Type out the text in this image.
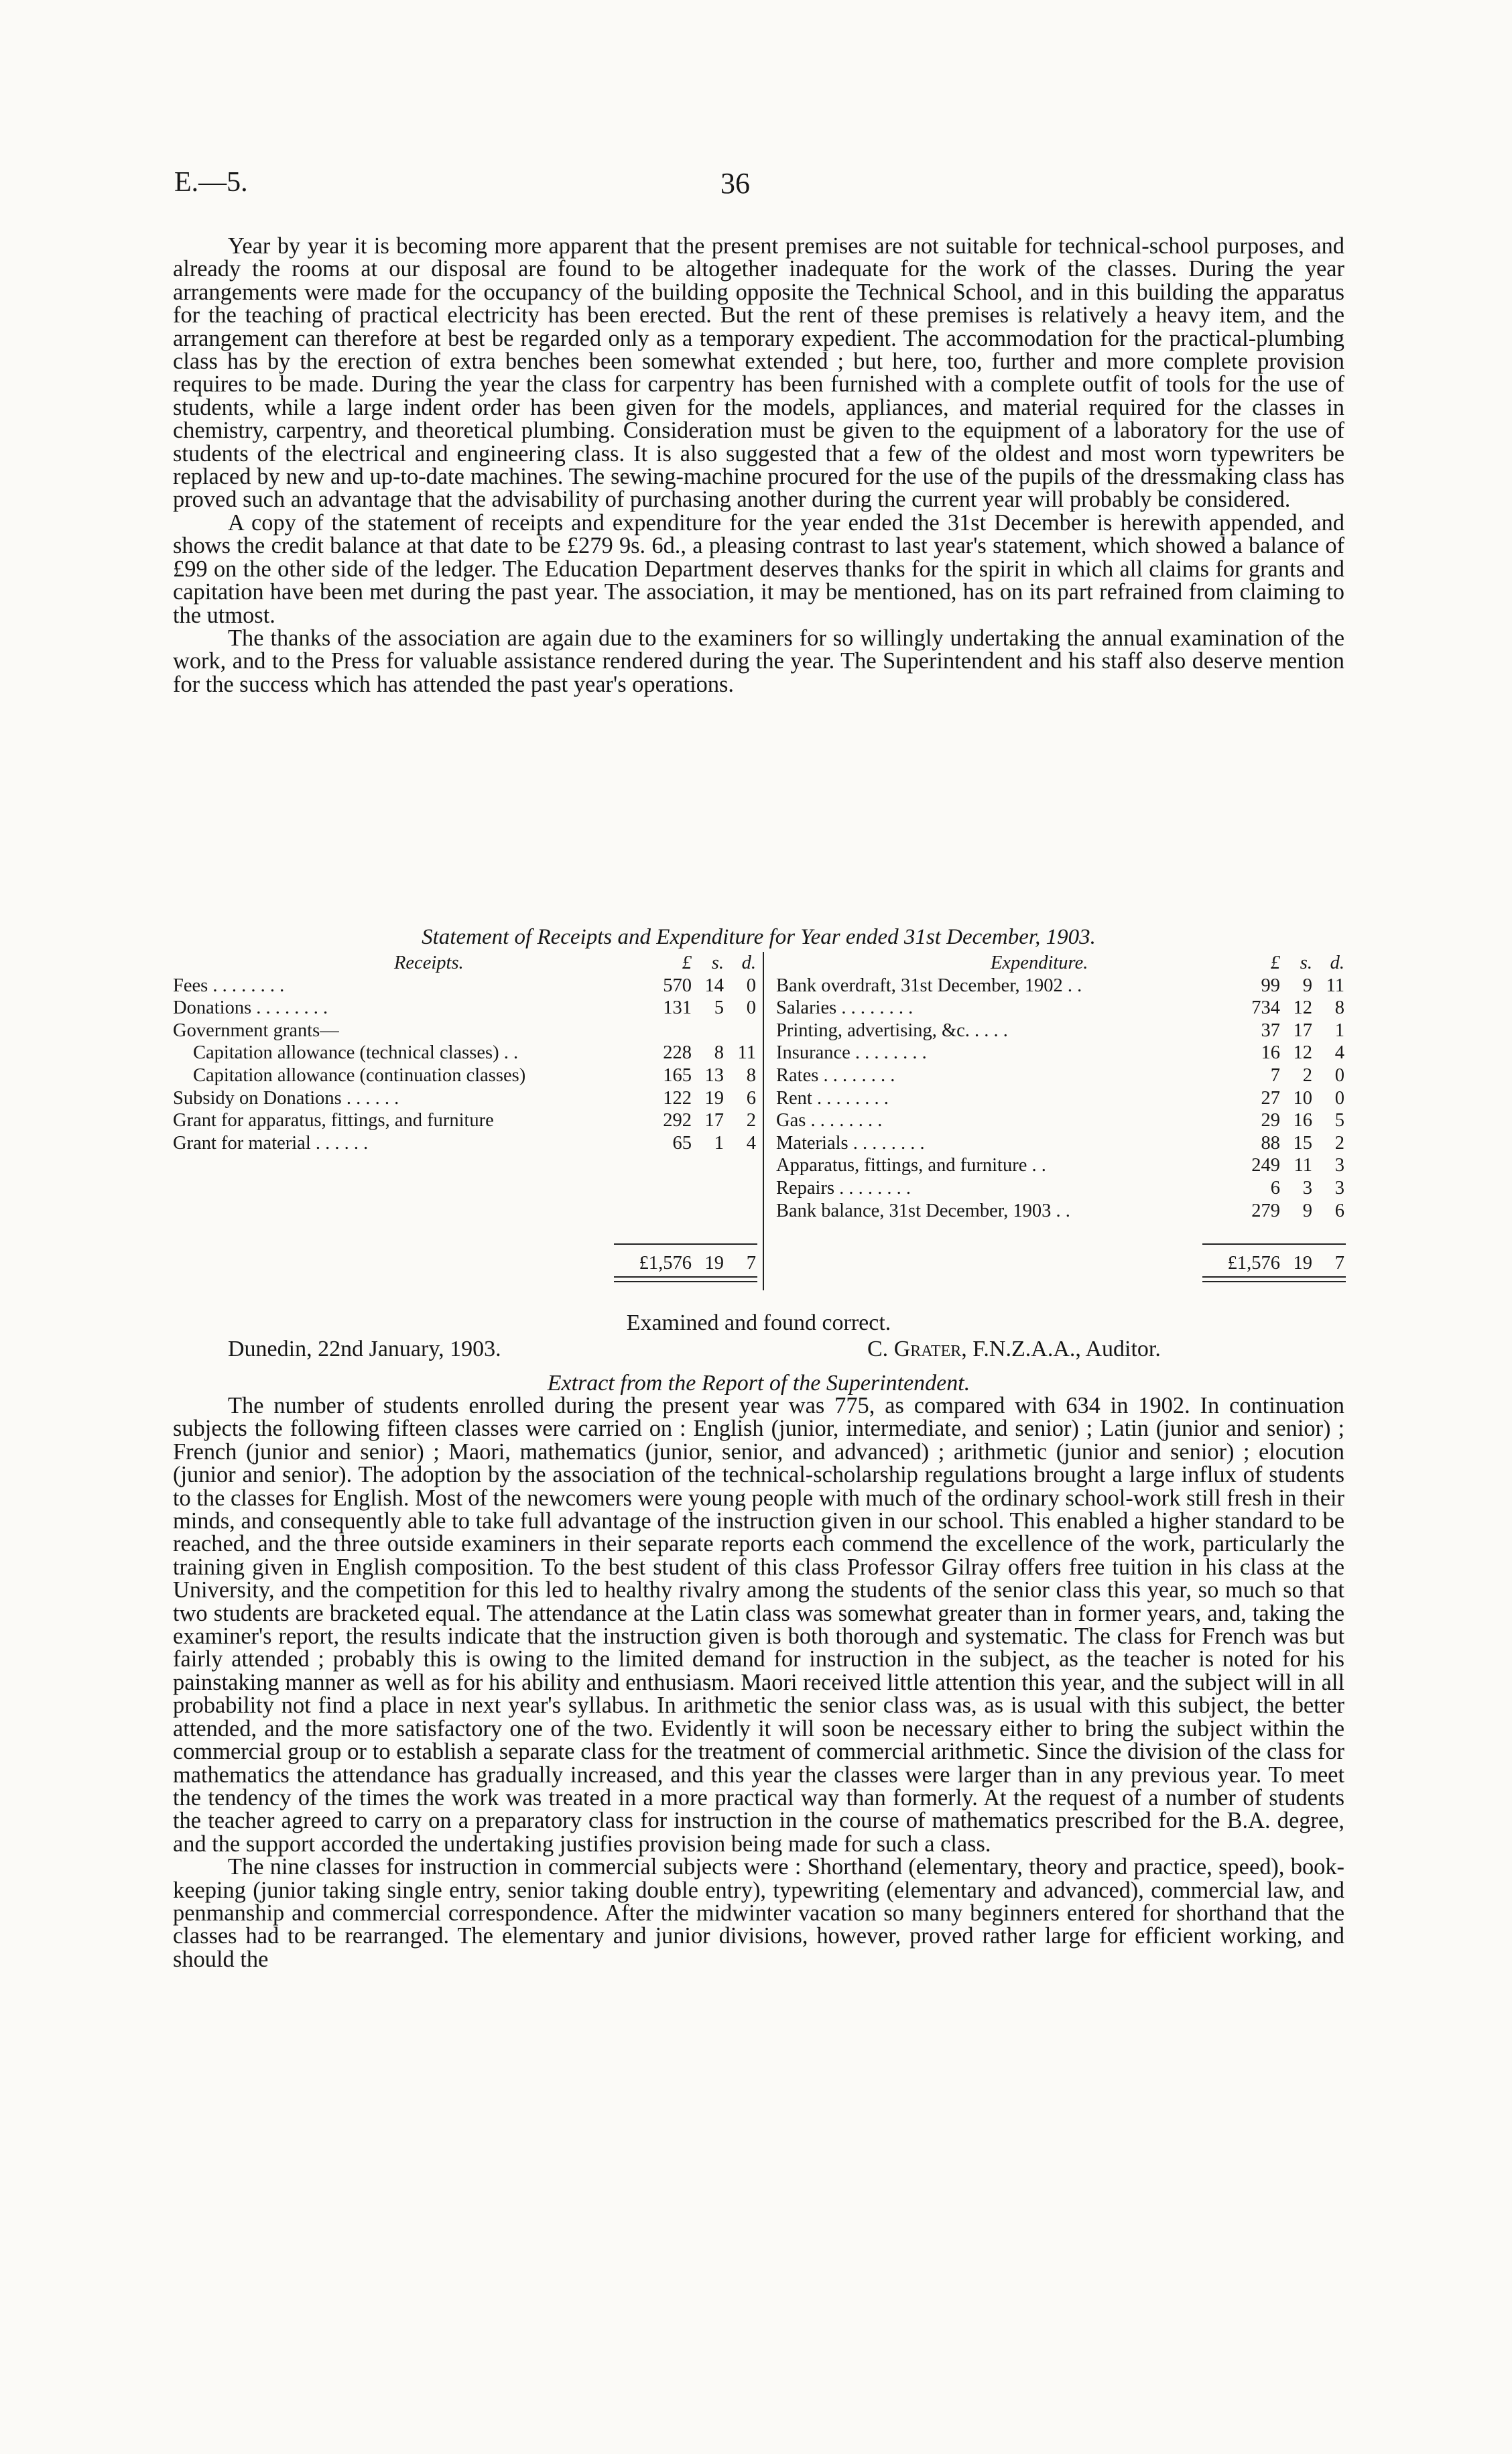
E.—5.	36

Year by year it is becoming more apparent that the present premises are not suitable for technical-school purposes, and already the rooms at our disposal are found to be altogether inadequate for the work of the classes. During the year arrangements were made for the occupancy of the building opposite the Technical School, and in this building the apparatus for the teaching of practical electricity has been erected. But the rent of these premises is relatively a heavy item, and the arrangement can therefore at best be regarded only as a temporary expedient. The accommodation for the practical-plumbing class has by the erection of extra benches been somewhat extended ; but here, too, further and more complete provision requires to be made. During the year the class for carpentry has been furnished with a complete outfit of tools for the use of students, while a large indent order has been given for the models, appliances, and material required for the classes in chemistry, carpentry, and theoretical plumbing. Consideration must be given to the equipment of a laboratory for the use of students of the electrical and engineering class. It is also suggested that a few of the oldest and most worn typewriters be replaced by new and up-to-date machines. The sewing-machine procured for the use of the pupils of the dressmaking class has proved such an advantage that the advisability of purchasing another during the current year will probably be considered.

A copy of the statement of receipts and expenditure for the year ended the 31st December is herewith appended, and shows the credit balance at that date to be £279 9s. 6d., a pleasing contrast to last year's statement, which showed a balance of £99 on the other side of the ledger. The Education Department deserves thanks for the spirit in which all claims for grants and capitation have been met during the past year. The association, it may be mentioned, has on its part refrained from claiming to the utmost.

The thanks of the association are again due to the examiners for so willingly undertaking the annual examination of the work, and to the Press for valuable assistance rendered during the year. The Superintendent and his staff also deserve mention for the success which has attended the past year's operations.

Statement of Receipts and Expenditure for Year ended 31st December, 1903.
Receipts.	£	s. d.
Fees . . . . . . . .	570 14	0
Donations . . . . . . . .	131	5	0
Government grants—
Capitation allowance (technical classes) . .	228	8 11
Capitation allowance (continuation classes)	165 13	8
Subsidy on Donations . . . . . .	122 19	6
Grant for apparatus, fittings, and furniture	292 17	2
Grant for material . . . . . .	65	1	4
£1,576 19	7
Expenditure.	£	s. d.
Bank overdraft, 31st December, 1902 . .	99	9 11
Salaries . . . . . . . .	734 12	8
Printing, advertising, &c. . . . .	37 17	1
Insurance . . . . . . . .	16 12	4
Rates . . . . . . . .	7	2	0
Rent . . . . . . . .	27 10	0
Gas . . . . . . . .	29 16	5
Materials . . . . . . . .	88 15	2
Apparatus, fittings, and furniture . .	249 11	3
Repairs . . . . . . . .	6	3	3
Bank balance, 31st December, 1903 . .	279	9	6
£1,576 19	7
Examined and found correct.
Dunedin, 22nd January, 1903.	C. Grater, F.N.Z.A.A., Auditor.
Extract from the Report of the Superintendent.

The number of students enrolled during the present year was 775, as compared with 634 in 1902. In continuation subjects the following fifteen classes were carried on : English (junior, intermediate, and senior) ; Latin (junior and senior) ; French (junior and senior) ; Maori, mathematics (junior, senior, and advanced) ; arithmetic (junior and senior) ; elocution (junior and senior). The adoption by the association of the technical-scholarship regulations brought a large influx of students to the classes for English. Most of the newcomers were young people with much of the ordinary school-work still fresh in their minds, and consequently able to take full advantage of the instruction given in our school. This enabled a higher standard to be reached, and the three outside examiners in their separate reports each commend the excellence of the work, particularly the training given in English composition. To the best student of this class Professor Gilray offers free tuition in his class at the University, and the competition for this led to healthy rivalry among the students of the senior class this year, so much so that two students are bracketed equal. The attendance at the Latin class was somewhat greater than in former years, and, taking the examiner's report, the results indicate that the instruction given is both thorough and systematic. The class for French was but fairly attended ; probably this is owing to the limited demand for instruction in the subject, as the teacher is noted for his painstaking manner as well as for his ability and enthusiasm. Maori received little attention this year, and the subject will in all probability not find a place in next year's syllabus. In arithmetic the senior class was, as is usual with this subject, the better attended, and the more satisfactory one of the two. Evidently it will soon be necessary either to bring the subject within the commercial group or to establish a separate class for the treatment of commercial arithmetic. Since the division of the class for mathematics the attendance has gradually increased, and this year the classes were larger than in any previous year. To meet the tendency of the times the work was treated in a more practical way than formerly. At the request of a number of students the teacher agreed to carry on a preparatory class for instruction in the course of mathematics prescribed for the B.A. degree, and the support accorded the undertaking justifies provision being made for such a class.

The nine classes for instruction in commercial subjects were : Shorthand (elementary, theory and practice, speed), book-keeping (junior taking single entry, senior taking double entry), typewriting (elementary and advanced), commercial law, and penmanship and commercial correspondence. After the midwinter vacation so many beginners entered for shorthand that the classes had to be rearranged. The elementary and junior divisions, however, proved rather large for efficient working, and should the
